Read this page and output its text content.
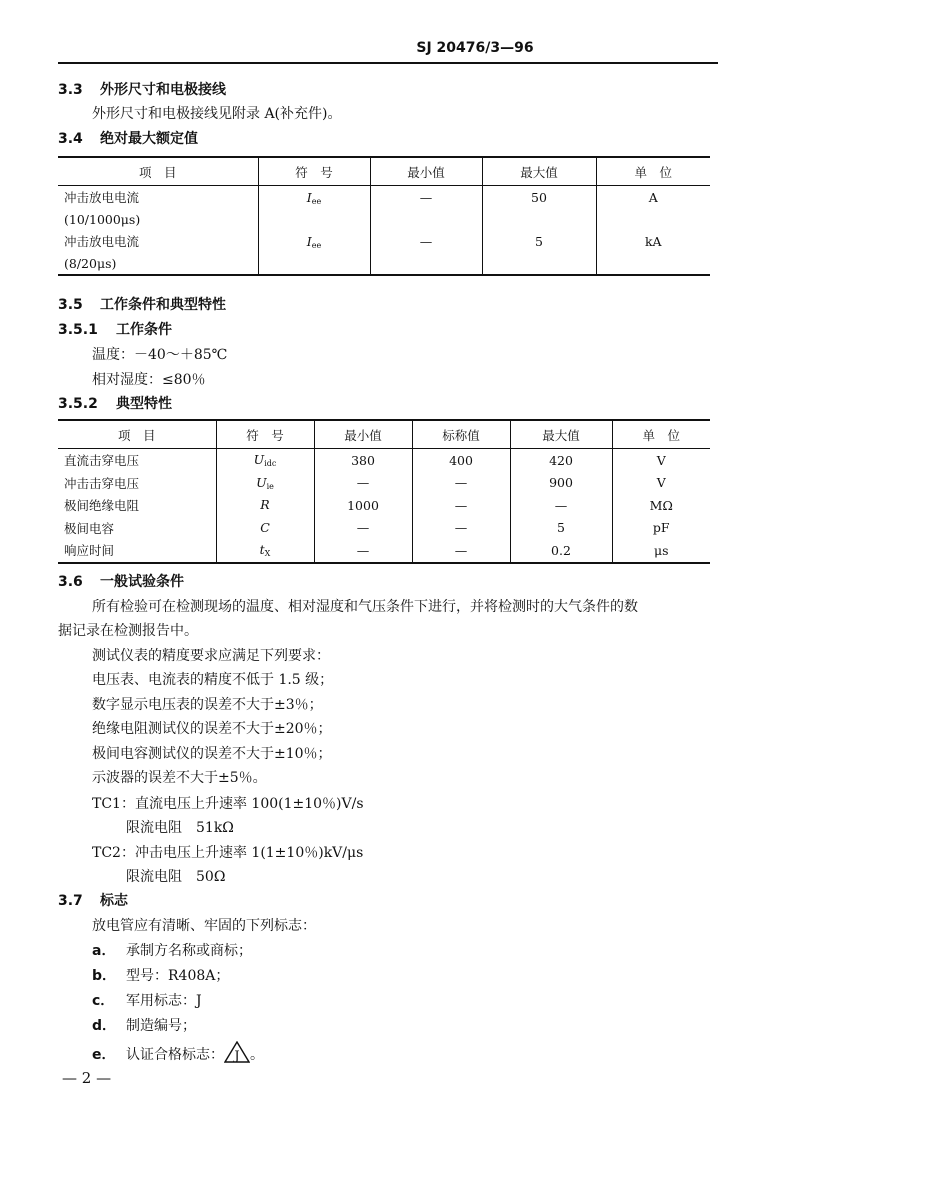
SJ 20476/3—96
3.3 外形尺寸和电极接线
外形尺寸和电极接线见附录 A(补充件)。
3.4 绝对最大额定值
项　目	符　号	最小值	最大值	单　位
冲击放电电流	$I_{ee}$	—	50	A
(10/1000μs)				
冲击放电电流	$I_{ee}$	—	5	kA
(8/20μs)				
3.5 工作条件和典型特性
3.5.1 工作条件
温度：－40～＋85℃
相对湿度：≤80％
3.5.2 典型特性
项　目	符　号	最小值	标称值	最大值	单　位
直流击穿电压	$U_{idc}$	380	400	420	V
冲击击穿电压	$U_{ie}$	—	—	900	V
极间绝缘电阻	R	1000	—	—	MΩ
极间电容	C	—	—	5	pF
响应时间	$t_X$	—	—	0.2	μs
3.6 一般试验条件
所有检验可在检测现场的温度、相对湿度和气压条件下进行，并将检测时的大气条件的数
据记录在检测报告中。
测试仪表的精度要求应满足下列要求：
电压表、电流表的精度不低于 1.5 级；
数字显示电压表的误差不大于±3％；
绝缘电阻测试仪的误差不大于±20％；
极间电容测试仪的误差不大于±10％；
示波器的误差不大于±5％。
TC1：直流电压上升速率 100(1±10％)V/s
限流电阻　51kΩ
TC2：冲击电压上升速率 1(1±10％)kV/μs
限流电阻　50Ω
3.7 标志
放电管应有清晰、牢固的下列标志：
a． 承制方名称或商标；
b． 型号：R408A；
c． 军用标志：J
d． 制造编号；
e． 认证合格标志： J 。
— 2 —
